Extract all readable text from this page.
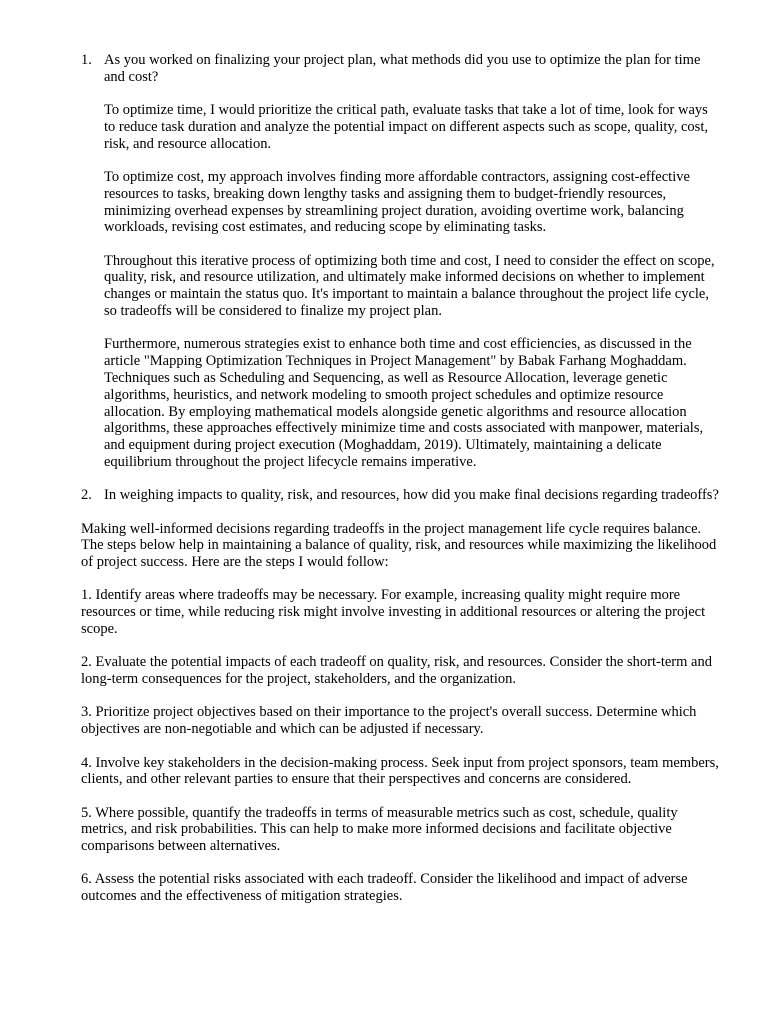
1. As you worked on finalizing your project plan, what methods did you use to optimize the plan for time and cost?

To optimize time, I would prioritize the critical path, evaluate tasks that take a lot of time, look for ways to reduce task duration and analyze the potential impact on different aspects such as scope, quality, cost, risk, and resource allocation.

To optimize cost, my approach involves finding more affordable contractors, assigning cost-effective resources to tasks, breaking down lengthy tasks and assigning them to budget-friendly resources, minimizing overhead expenses by streamlining project duration, avoiding overtime work, balancing workloads, revising cost estimates, and reducing scope by eliminating tasks.

Throughout this iterative process of optimizing both time and cost, I need to consider the effect on scope, quality, risk, and resource utilization, and ultimately make informed decisions on whether to implement changes or maintain the status quo. It's important to maintain a balance throughout the project life cycle, so tradeoffs will be considered to finalize my project plan.

Furthermore, numerous strategies exist to enhance both time and cost efficiencies, as discussed in the article "Mapping Optimization Techniques in Project Management" by Babak Farhang Moghaddam. Techniques such as Scheduling and Sequencing, as well as Resource Allocation, leverage genetic algorithms, heuristics, and network modeling to smooth project schedules and optimize resource allocation. By employing mathematical models alongside genetic algorithms and resource allocation algorithms, these approaches effectively minimize time and costs associated with manpower, materials, and equipment during project execution (Moghaddam, 2019). Ultimately, maintaining a delicate equilibrium throughout the project lifecycle remains imperative.

2. In weighing impacts to quality, risk, and resources, how did you make final decisions regarding tradeoffs?

Making well-informed decisions regarding tradeoffs in the project management life cycle requires balance. The steps below help in maintaining a balance of quality, risk, and resources while maximizing the likelihood of project success. Here are the steps I would follow:

1. Identify areas where tradeoffs may be necessary. For example, increasing quality might require more resources or time, while reducing risk might involve investing in additional resources or altering the project scope.

2. Evaluate the potential impacts of each tradeoff on quality, risk, and resources. Consider the short-term and long-term consequences for the project, stakeholders, and the organization.

3. Prioritize project objectives based on their importance to the project's overall success. Determine which objectives are non-negotiable and which can be adjusted if necessary.

4. Involve key stakeholders in the decision-making process. Seek input from project sponsors, team members, clients, and other relevant parties to ensure that their perspectives and concerns are considered.

5. Where possible, quantify the tradeoffs in terms of measurable metrics such as cost, schedule, quality metrics, and risk probabilities. This can help to make more informed decisions and facilitate objective comparisons between alternatives.

6. Assess the potential risks associated with each tradeoff. Consider the likelihood and impact of adverse outcomes and the effectiveness of mitigation strategies.
